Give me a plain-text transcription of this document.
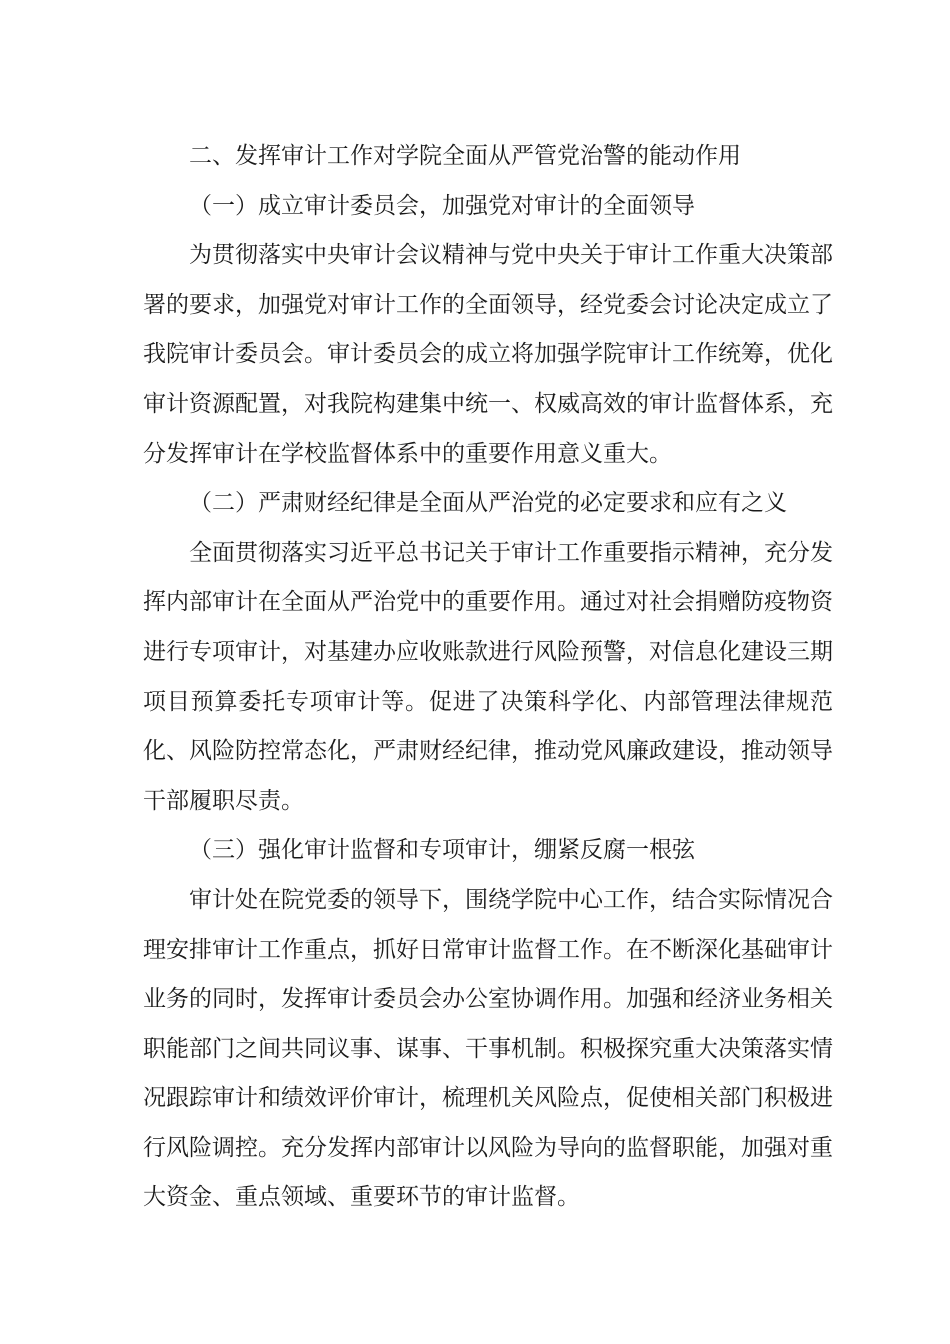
二、发挥审计工作对学院全面从严管党治警的能动作用

（一）成立审计委员会，加强党对审计的全面领导

为贯彻落实中央审计会议精神与党中央关于审计工作重大决策部署的要求，加强党对审计工作的全面领导，经党委会讨论决定成立了我院审计委员会。审计委员会的成立将加强学院审计工作统筹，优化审计资源配置，对我院构建集中统一、权威高效的审计监督体系，充分发挥审计在学校监督体系中的重要作用意义重大。

（二）严肃财经纪律是全面从严治党的必定要求和应有之义

全面贯彻落实习近平总书记关于审计工作重要指示精神，充分发挥内部审计在全面从严治党中的重要作用。通过对社会捐赠防疫物资进行专项审计，对基建办应收账款进行风险预警，对信息化建设三期项目预算委托专项审计等。促进了决策科学化、内部管理法律规范化、风险防控常态化，严肃财经纪律，推动党风廉政建设，推动领导干部履职尽责。

（三）强化审计监督和专项审计，绷紧反腐一根弦

审计处在院党委的领导下，围绕学院中心工作，结合实际情况合理安排审计工作重点，抓好日常审计监督工作。在不断深化基础审计业务的同时，发挥审计委员会办公室协调作用。加强和经济业务相关职能部门之间共同议事、谋事、干事机制。积极探究重大决策落实情况跟踪审计和绩效评价审计，梳理机关风险点，促使相关部门积极进行风险调控。充分发挥内部审计以风险为导向的监督职能，加强对重大资金、重点领域、重要环节的审计监督。
